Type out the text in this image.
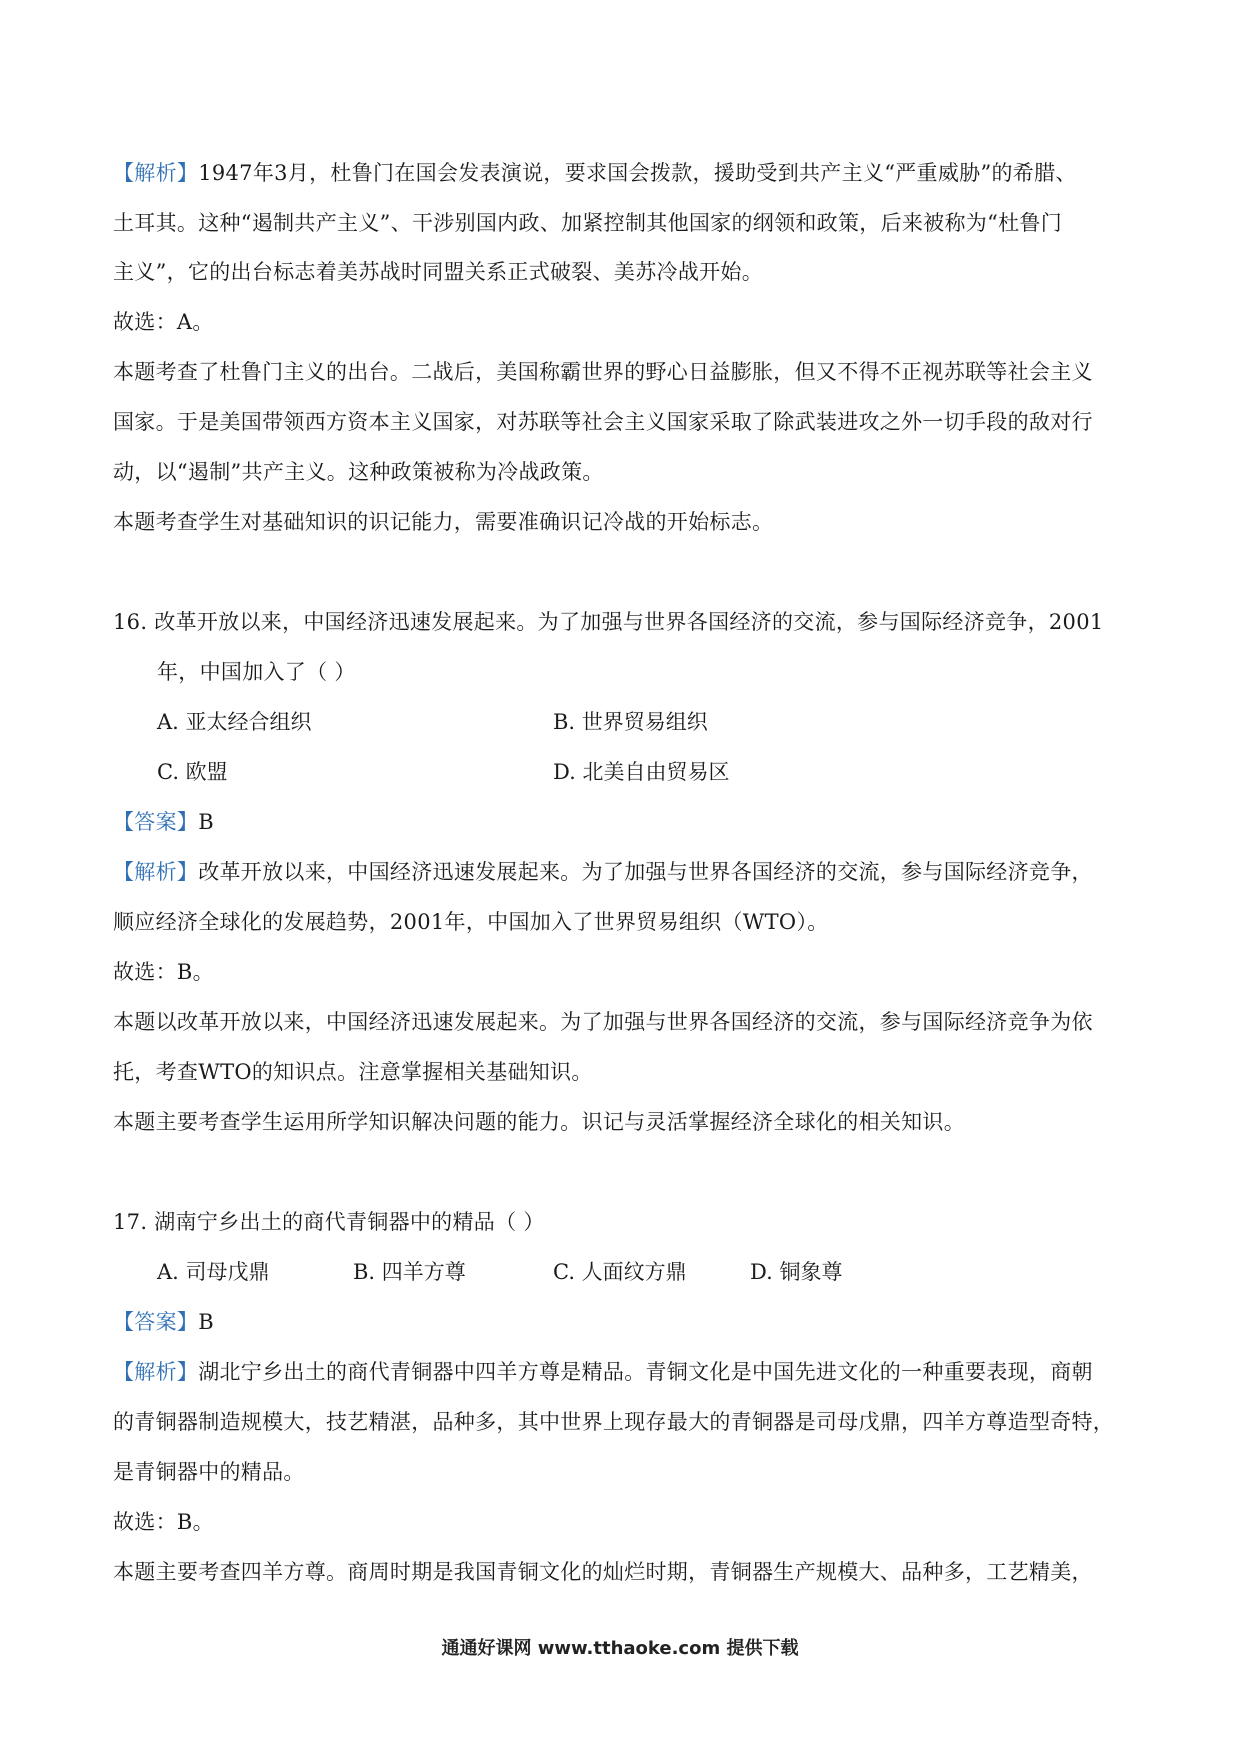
【解析】1947年3月，杜鲁门在国会发表演说，要求国会拨款，援助受到共产主义“严重威胁”的希腊、
土耳其。这种“遏制共产主义”、干涉别国内政、加紧控制其他国家的纲领和政策，后来被称为“杜鲁门
主义”，它的出台标志着美苏战时同盟关系正式破裂、美苏冷战开始。
故选：A。
本题考查了杜鲁门主义的出台。二战后，美国称霸世界的野心日益膨胀，但又不得不正视苏联等社会主义
国家。于是美国带领西方资本主义国家，对苏联等社会主义国家采取了除武装进攻之外一切手段的敌对行
动，以“遏制”共产主义。这种政策被称为冷战政策。
本题考查学生对基础知识的识记能力，需要准确识记冷战的开始标志。
16. 改革开放以来，中国经济迅速发展起来。为了加强与世界各国经济的交流，参与国际经济竞争，2001
年，中国加入了（ ）
A. 亚太经合组织	B. 世界贸易组织
C. 欧盟	D. 北美自由贸易区
【答案】B
【解析】改革开放以来，中国经济迅速发展起来。为了加强与世界各国经济的交流，参与国际经济竞争，
顺应经济全球化的发展趋势，2001年，中国加入了世界贸易组织（WTO）。
故选：B。
本题以改革开放以来，中国经济迅速发展起来。为了加强与世界各国经济的交流，参与国际经济竞争为依
托，考查WTO的知识点。注意掌握相关基础知识。
本题主要考查学生运用所学知识解决问题的能力。识记与灵活掌握经济全球化的相关知识。
17. 湖南宁乡出土的商代青铜器中的精品（ ）
A. 司母戊鼎	B. 四羊方尊	C. 人面纹方鼎	D. 铜象尊
【答案】B
【解析】湖北宁乡出土的商代青铜器中四羊方尊是精品。青铜文化是中国先进文化的一种重要表现，商朝
的青铜器制造规模大，技艺精湛，品种多，其中世界上现存最大的青铜器是司母戊鼎，四羊方尊造型奇特，
是青铜器中的精品。
故选：B。
本题主要考查四羊方尊。商周时期是我国青铜文化的灿烂时期，青铜器生产规模大、品种多，工艺精美，
通通好课网 www.tthaoke.com 提供下载
